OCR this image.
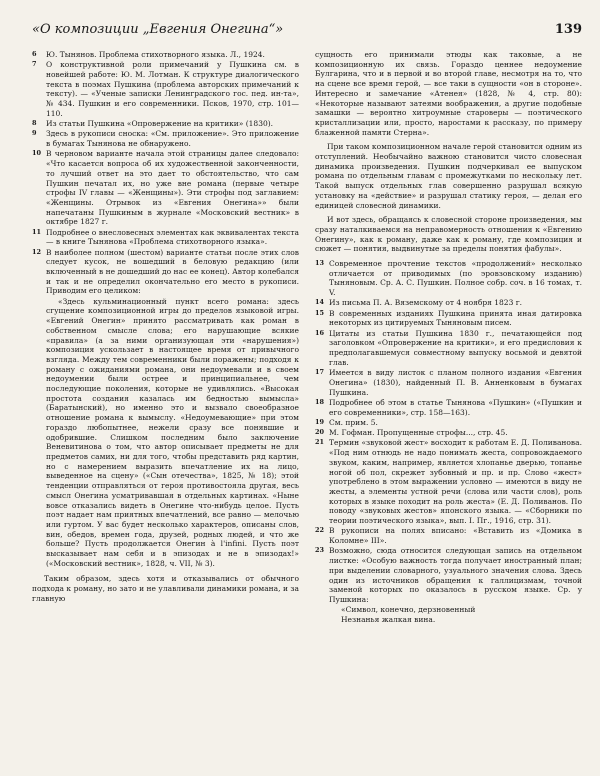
«О композиции „Евгения Онегина“»	139
6 Ю. Тынянов. Проблема стихотворного языка. Л., 1924.
7 О конструктивной роли примечаний у Пушкина см. в новейшей работе: Ю. М. Лотман. К структуре диалогического текста в поэмах Пушкина (проблема авторских примечаний к тексту). — «Ученые записки Ленинградского гос. пед. ин-та», № 434. Пушкин и его современники. Псков, 1970, стр. 101—110.
8 Из статьи Пушкина «Опровержение на критики» (1830).
9 Здесь в рукописи сноска: «См. приложение». Это приложение в бумагах Тынянова не обнаружено.
10 В черновом варианте начала этой страницы далее следовало: «Что касается вопроса об их художественной законченности, то лучший ответ на это дает то обстоятельство, что сам Пушкин печатал их, но уже вне романа (первые четыре строфы IV главы — «Женщины»). Эти строфы под заглавием: «Женщины. Отрывок из «Евгения Онегина»» были напечатаны Пушкиным в журнале «Московский вестник» в октябре 1827 г.
11 Подробнее о внесловесных элементах как эквивалентах текста — в книге Тынянова «Проблема стихотворного языка».
12 В наиболее полном (шестом) варианте статьи после этих слов следует кусок, не вошедший в беловую редакцию (или включенный в не дошедший до нас ее конец). Автор колебался и так и не определил окончательно его место в рукописи. Приводим его целиком:
«Здесь кульминационный пункт всего романа: здесь сгущение композиционной игры до пределов языковой игры. «Евгений Онегин» принято рассматривать как роман в собственном смысле слова; его нарушающие всякие «правила» (а за ними организующая эти «нарушения») композиция ускользает в настоящее время от привычного взгляда. Между тем современники были поражены; подходя к роману с ожиданиями романа, они недоумевали и в своем недоумении были острее и принципиальнее, чем последующие поколения, которые не удивлялись. «Высокая простота создания казалась им бедностью вымысла» (Баратынский), но именно это и вызвало своеобразное отношение романа к вымыслу. «Недоумевающие» при этом гораздо любопытнее, нежели сразу все понявшие и одобрившие. Слишком последним было заключение Веневитинова о том, что автор описывает предметы не для предметов самих, ни для того, чтобы представить ряд картин, но с намерением выразить впечатление их на лицо, выведенное на сцену» («Сын отечества», 1825, № 18); этой тенденции отправляться от героя противостояла другая, весь смысл Онегина усматривавшая в отдельных картинах. «Ныне вовсе отказались видеть в Онегине что-нибудь целое. Пусть поэт надает нам приятных впечатлений, все равно — мелочью или гуртом. У вас будет несколько характеров, описаны слов, вин, обедов, времен года, друзей, родных людей, и что же больше? Пусть продолжается Онегин à l'infini. Пусть поэт высказывает нам себя и в эпизодах и не в эпизодах!» («Московский вестник», 1828, ч. VII, № 3).

Таким образом, здесь хотя и отказывались от обычного подхода к роману, но зато и не улавливали динамики романа, и за главную

сущность его принимали этюды как таковые, а не композиционную их связь. Гораздо ценнее недоумение Булгарина, что и в первой и во второй главе, несмотря на то, что на сцене все время герой, — все таки в сущности «он в стороне». Интересно и замечание «Атенея» (1828, № 4, стр. 80): «Некоторые называют затеями воображения, а другие подобные замашки — вероятно хитроумные староверы — поэтического кристаллизации или, просто, наростами к рассказу, по примеру блаженной памяти Стерна».

При таком композиционном начале герой становится одним из отступлений. Необычайно важною становится чисто словесная динамика произведения. Пушкин подчеркивал ее выпуском романа по отдельным главам с промежутками по нескольку лет. Такой выпуск отдельных глав совершенно разрушал всякую установку на «действие» и разрушал статику героя, — делая его единицей словесной динамики.

И вот здесь, обращаясь к словесной стороне произведения, мы сразу наталкиваемся на неправомерность отношения к «Евгению Онегину», как к роману, даже как к роману, где композиция и сюжет — понятия, выдвинутые за пределы понятия фабулы».

13 Современное прочтение текстов «продолжений» несколько отличается от приводимых (по эровзовскому изданию) Тыняновым. Ср. А. С. Пушкин. Полное собр. соч. в 16 томах, т. V.
14 Из письма П. А. Вяземскому от 4 ноября 1823 г.
15 В современных изданиях Пушкина принята иная датировка некоторых из цитируемых Тыняновым писем.
16 Цитаты из статьи Пушкина 1830 г., печатающейся под заголовком «Опровержение на критики», и его предисловия к предполагавшемуся совместному выпуску восьмой и девятой глав.
17 Имеется в виду листок с планом полного издания «Евгения Онегина» (1830), найденный П. В. Анненковым в бумагах Пушкина.
18 Подробнее об этом в статье Тынянова «Пушкин» («Пушкин и его современники», стр. 158—163).
19 См. прим. 5.
20 М. Гофман. Пропущенные строфы..., стр. 45.
21 Термин «звуковой жест» восходит к работам Е. Д. Поливанова. «Под ним отнюдь не надо понимать жеста, сопровождаемого звуком, каким, например, является хлопанье дверью, топанье ногой об пол, скрежет зубовный и пр. и пр. Слово «жест» употреблено в этом выражении условно — имеются в виду не жесты, а элементы устной речи (слова или части слов), роль которых в языке походит на роль жеста» (Е. Д. Поливанов. По поводу «звуковых жестов» японского языка. — «Сборники по теории поэтического языка», вып. I. Пг., 1916, стр. 31).
22 В рукописи на полях вписано: «Вставить из «Домика в Коломне» III».
23 Возможно, сюда относится следующая запись на отдельном листке: «Особую важность тогда получает иностранный план; при выделении словарного, узуального значения слова. Здесь один из источников обращения к галлицизмам, точной заменой которых по оказалось в русском языке. Ср. у Пушкина:
«Символ, конечно, дерзновенный
Незнанья жалкая вина.
